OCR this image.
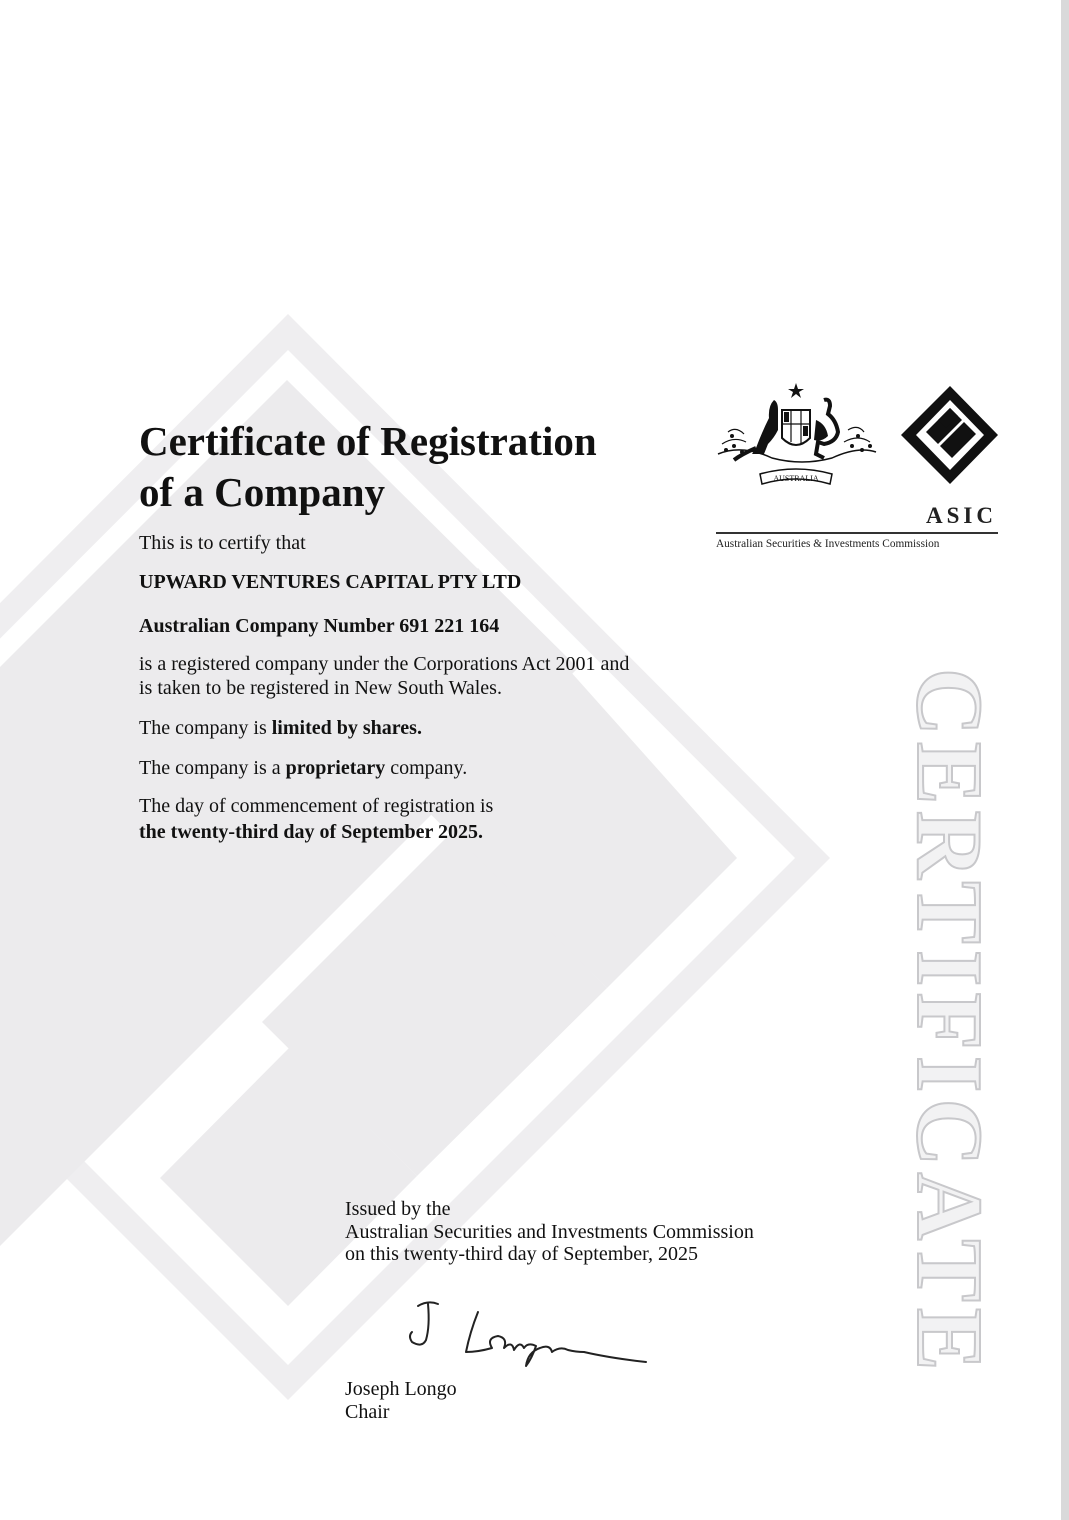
Certificate of Registration
of a Company
This is to certify that
UPWARD VENTURES CAPITAL PTY LTD
Australian Company Number 691 221 164
is a registered company under the Corporations Act 2001 and
is taken to be registered in New South Wales.
The company is limited by shares.
The company is a proprietary company.
The day of commencement of registration is
the twenty-third day of September 2025.
AUSTRALIA
ASIC
Australian Securities & Investments Commission
CERTIFICATE
Issued by the
Australian Securities and Investments Commission
on this twenty-third day of September, 2025
Joseph Longo
Chair
